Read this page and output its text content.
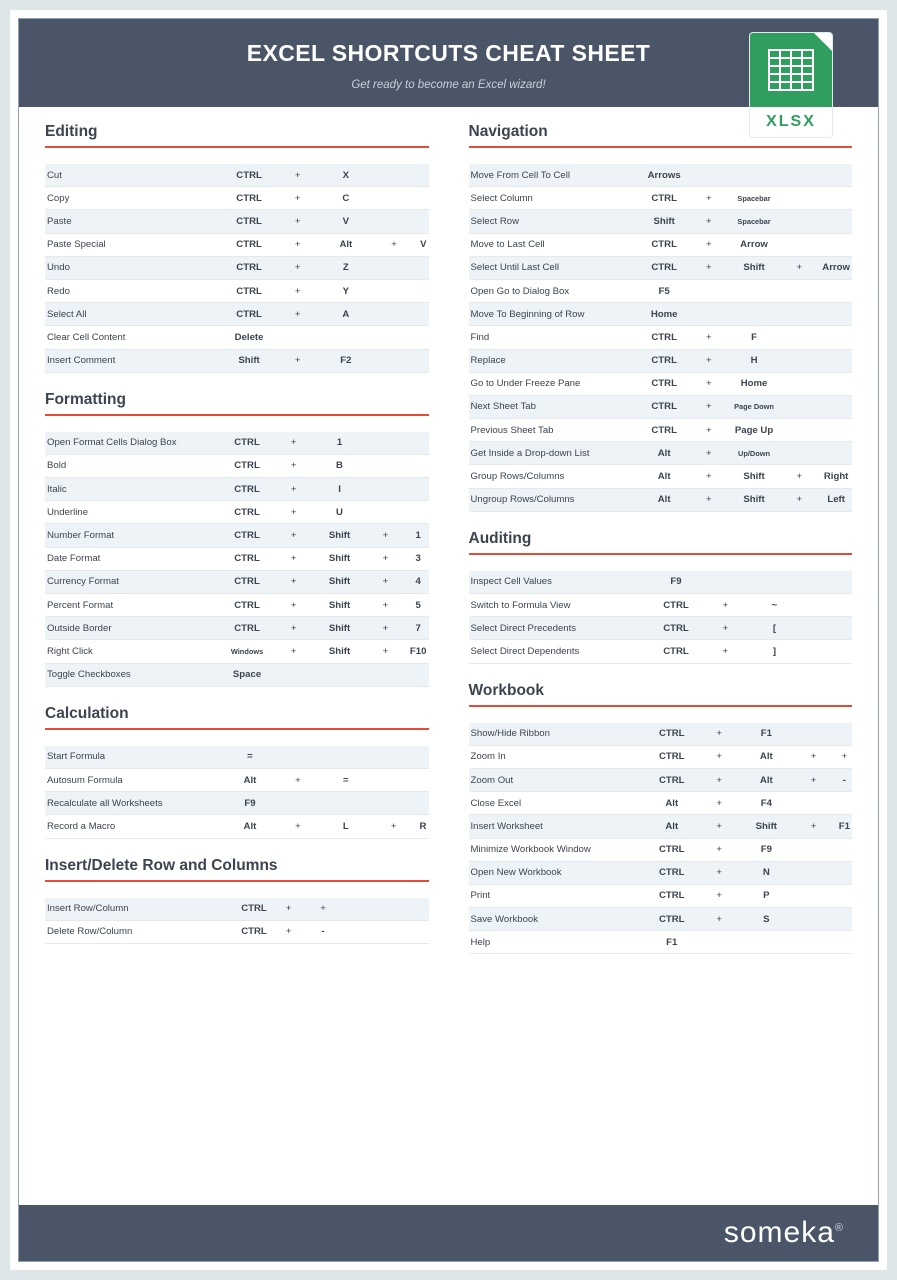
EXCEL SHORTCUTS CHEAT SHEET
Get ready to become an Excel wizard!
XLSX
Editing
Cut	CTRL	+	X		
Copy	CTRL	+	C		
Paste	CTRL	+	V		
Paste Special	CTRL	+	Alt	+	V
Undo	CTRL	+	Z		
Redo	CTRL	+	Y		
Select All	CTRL	+	A		
Clear Cell Content	Delete				
Insert Comment	Shift	+	F2		
Formatting
Open Format Cells Dialog Box	CTRL	+	1		
Bold	CTRL	+	B		
Italic	CTRL	+	I		
Underline	CTRL	+	U		
Number Format	CTRL	+	Shift	+	1
Date Format	CTRL	+	Shift	+	3
Currency Format	CTRL	+	Shift	+	4
Percent Format	CTRL	+	Shift	+	5
Outside Border	CTRL	+	Shift	+	7
Right Click	Windows	+	Shift	+	F10
Toggle Checkboxes	Space				
Calculation
Start Formula	=				
Autosum Formula	Alt	+	=		
Recalculate all Worksheets	F9				
Record a Macro	Alt	+	L	+	R
Insert/Delete Row and Columns
Insert Row/Column	CTRL	+	+		
Delete Row/Column	CTRL	+	-		
Navigation
Move From Cell To Cell	Arrows				
Select Column	CTRL	+	Spacebar		
Select Row	Shift	+	Spacebar		
Move to Last Cell	CTRL	+	Arrow		
Select Until Last Cell	CTRL	+	Shift	+	Arrow
Open Go to Dialog Box	F5				
Move To Beginning of Row	Home				
Find	CTRL	+	F		
Replace	CTRL	+	H		
Go to Under Freeze Pane	CTRL	+	Home		
Next Sheet Tab	CTRL	+	Page Down		
Previous Sheet Tab	CTRL	+	Page Up		
Get Inside a Drop-down List	Alt	+	Up/Down		
Group Rows/Columns	Alt	+	Shift	+	Right
Ungroup Rows/Columns	Alt	+	Shift	+	Left
Auditing
Inspect Cell Values	F9				
Switch to Formula View	CTRL	+	~		
Select Direct Precedents	CTRL	+	[		
Select Direct Dependents	CTRL	+	]		
Workbook
Show/Hide Ribbon	CTRL	+	F1		
Zoom In	CTRL	+	Alt	+	+
Zoom Out	CTRL	+	Alt	+	-
Close Excel	Alt	+	F4		
Insert Worksheet	Alt	+	Shift	+	F1
Minimize Workbook Window	CTRL	+	F9		
Open New Workbook	CTRL	+	N		
Print	CTRL	+	P		
Save Workbook	CTRL	+	S		
Help	F1				
someka®
